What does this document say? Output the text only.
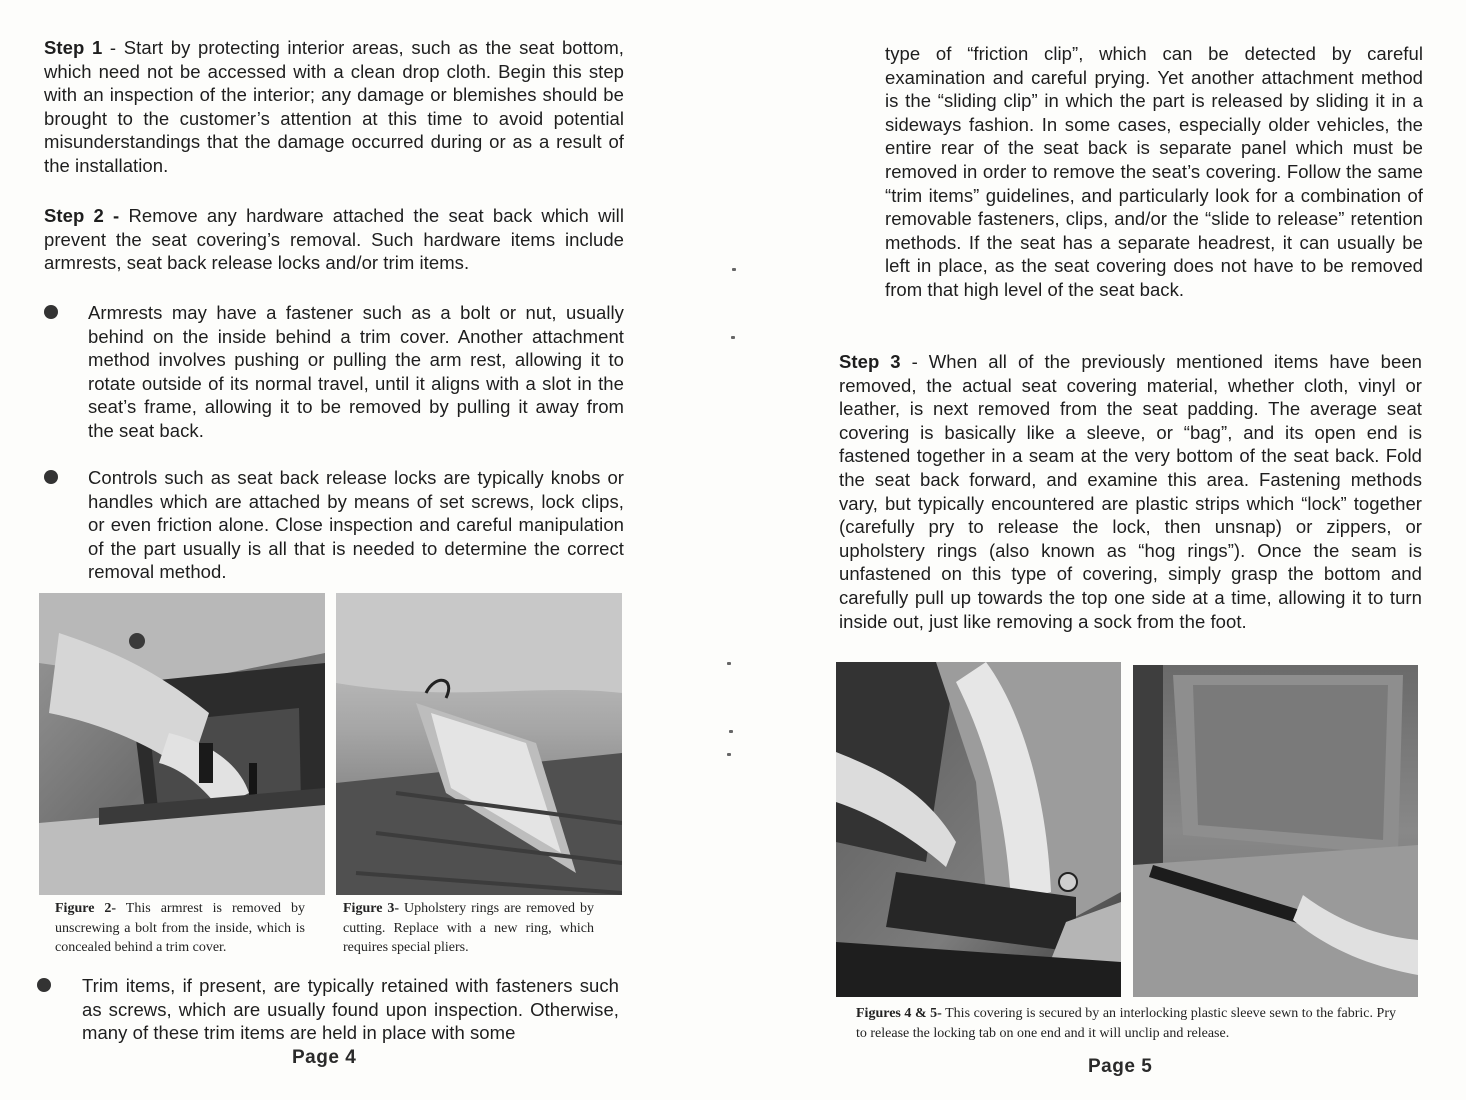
Step 1 - Start by protecting interior areas, such as the seat bottom, which need not be accessed with a clean drop cloth. Begin this step with an inspection of the interior; any damage or blemishes should be brought to the customer’s attention at this time to avoid potential misunderstandings that the damage occurred during or as a result of the installation.

Step 2 - Remove any hardware attached the seat back which will prevent the seat covering’s removal. Such hardware items include armrests, seat back release locks and/or trim items.

Armrests may have a fastener such as a bolt or nut, usually behind on the inside behind a trim cover. Another attachment method involves pushing or pulling the arm rest, allowing it to rotate outside of its normal travel, until it aligns with a slot in the seat’s frame, allowing it to be removed by pulling it away from the seat back.

Controls such as seat back release locks are typically knobs or handles which are attached by means of set screws, lock clips, or even friction alone. Close inspection and careful manipulation of the part usually is all that is needed to determine the correct removal method.

Figure 2- This armrest is removed by unscrewing a bolt from the inside, which is concealed behind a trim cover.

Figure 3- Upholstery rings are removed by cutting. Replace with a new ring, which requires special pliers.

Trim items, if present, are typically retained with fasteners such as screws, which are usually found upon inspection. Otherwise, many of these trim items are held in place with some

Page 4

type of “friction clip”, which can be detected by careful examination and careful prying. Yet another attachment method is the “sliding clip” in which the part is released by sliding it in a sideways fashion. In some cases, especially older vehicles, the entire rear of the seat back is separate panel which must be removed in order to remove the seat’s covering. Follow the same “trim items” guidelines, and particularly look for a combination of removable fasteners, clips, and/or the “slide to release” retention methods. If the seat has a separate headrest, it can usually be left in place, as the seat covering does not have to be removed from that high level of the seat back.

Step 3 - When all of the previously mentioned items have been removed, the actual seat covering material, whether cloth, vinyl or leather, is next removed from the seat padding. The average seat covering is basically like a sleeve, or “bag”, and its open end is fastened together in a seam at the very bottom of the seat back. Fold the seat back forward, and examine this area. Fastening methods vary, but typically encountered are plastic strips which “lock” together (carefully pry to release the lock, then unsnap) or zippers, or upholstery rings (also known as “hog rings”). Once the seam is unfastened on this type of covering, simply grasp the bottom and carefully pull up towards the top one side at a time, allowing it to turn inside out, just like removing a sock from the foot.

Figures 4 & 5- This covering is secured by an interlocking plastic sleeve sewn to the fabric. Pry to release the locking tab on one end and it will unclip and release.

Page 5
